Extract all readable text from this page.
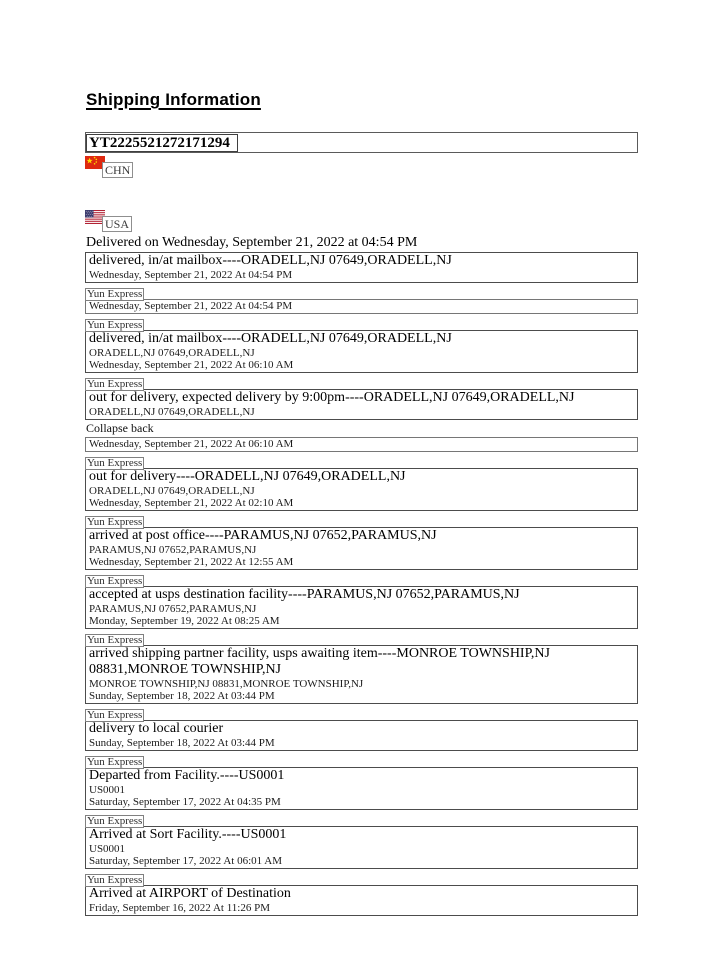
Shipping Information
YT2225521272171294
CHN
USA
Delivered on Wednesday, September 21, 2022 at 04:54 PM
delivered, in/at mailbox----ORADELL,NJ 07649,ORADELL,NJ
Wednesday, September 21, 2022 At 04:54 PM
Yun Express
Wednesday, September 21, 2022 At 04:54 PM
Yun Express
delivered, in/at mailbox----ORADELL,NJ 07649,ORADELL,NJ
ORADELL,NJ 07649,ORADELL,NJ
Wednesday, September 21, 2022 At 06:10 AM
Yun Express
out for delivery, expected delivery by 9:00pm----ORADELL,NJ 07649,ORADELL,NJ
ORADELL,NJ 07649,ORADELL,NJ
Collapse back
Wednesday, September 21, 2022 At 06:10 AM
Yun Express
out for delivery----ORADELL,NJ 07649,ORADELL,NJ
ORADELL,NJ 07649,ORADELL,NJ
Wednesday, September 21, 2022 At 02:10 AM
Yun Express
arrived at post office----PARAMUS,NJ 07652,PARAMUS,NJ
PARAMUS,NJ 07652,PARAMUS,NJ
Wednesday, September 21, 2022 At 12:55 AM
Yun Express
accepted at usps destination facility----PARAMUS,NJ 07652,PARAMUS,NJ
PARAMUS,NJ 07652,PARAMUS,NJ
Monday, September 19, 2022 At 08:25 AM
Yun Express
arrived shipping partner facility, usps awaiting item----MONROE TOWNSHIP,NJ 08831,MONROE TOWNSHIP,NJ
MONROE TOWNSHIP,NJ 08831,MONROE TOWNSHIP,NJ
Sunday, September 18, 2022 At 03:44 PM
Yun Express
delivery to local courier
Sunday, September 18, 2022 At 03:44 PM
Yun Express
Departed from Facility.----US0001
US0001
Saturday, September 17, 2022 At 04:35 PM
Yun Express
Arrived at Sort Facility.----US0001
US0001
Saturday, September 17, 2022 At 06:01 AM
Yun Express
Arrived at AIRPORT of Destination
Friday, September 16, 2022 At 11:26 PM
